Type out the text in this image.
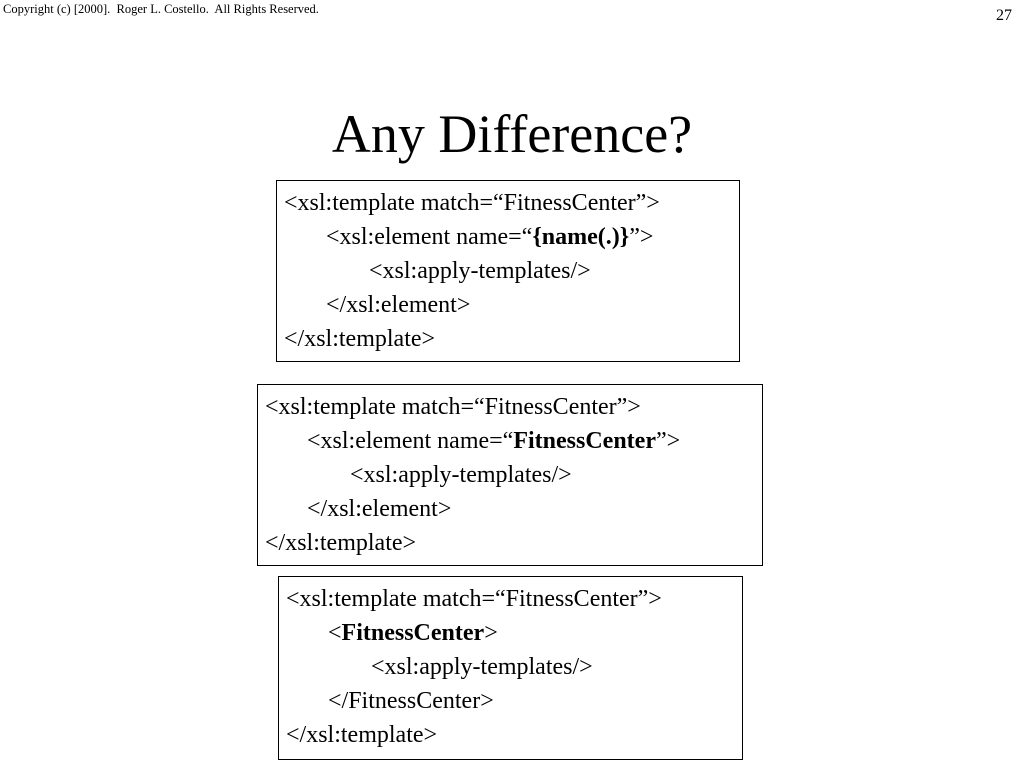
Copyright (c) [2000].  Roger L. Costello.  All Rights Reserved.	27
Any Difference?

<xsl:template match=“FitnessCenter”>

<xsl:element name=“{name(.)}”>

<xsl:apply-templates/>

</xsl:element>

</xsl:template>

<xsl:template match=“FitnessCenter”>

<xsl:element name=“FitnessCenter”>

<xsl:apply-templates/>

</xsl:element>

</xsl:template>

<xsl:template match=“FitnessCenter”>

<FitnessCenter>

<xsl:apply-templates/>

</FitnessCenter>

</xsl:template>
